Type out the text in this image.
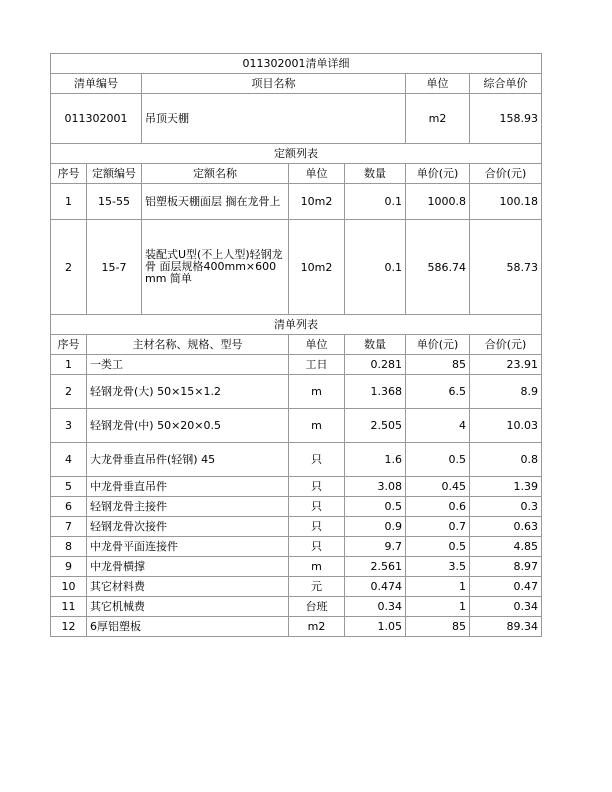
011302001清单详细						
清单编号		项目名称			单位	综合单价
011302001		吊顶天棚			m2	158.93
定额列表						
序号	定额编号	定额名称	单位	数量	单价(元)	合价(元)
1	15-55	铝塑板天棚面层 搁在龙骨上	10m2	0.1	1000.8	100.18
2	15-7	装配式U型(不上人型)轻钢龙骨 面层规格400mm×600mm 简单	10m2	0.1	586.74	58.73
清单列表						
序号	主材名称、规格、型号		单位	数量	单价(元)	合价(元)
1	一类工		工日	0.281	85	23.91
2	轻钢龙骨(大) 50×15×1.2		m	1.368	6.5	8.9
3	轻钢龙骨(中) 50×20×0.5		m	2.505	4	10.03
4	大龙骨垂直吊件(轻钢) 45		只	1.6	0.5	0.8
5	中龙骨垂直吊件		只	3.08	0.45	1.39
6	轻钢龙骨主接件		只	0.5	0.6	0.3
7	轻钢龙骨次接件		只	0.9	0.7	0.63
8	中龙骨平面连接件		只	9.7	0.5	4.85
9	中龙骨横撑		m	2.561	3.5	8.97
10	其它材料费		元	0.474	1	0.47
11	其它机械费		台班	0.34	1	0.34
12	6厚铝塑板		m2	1.05	85	89.34
